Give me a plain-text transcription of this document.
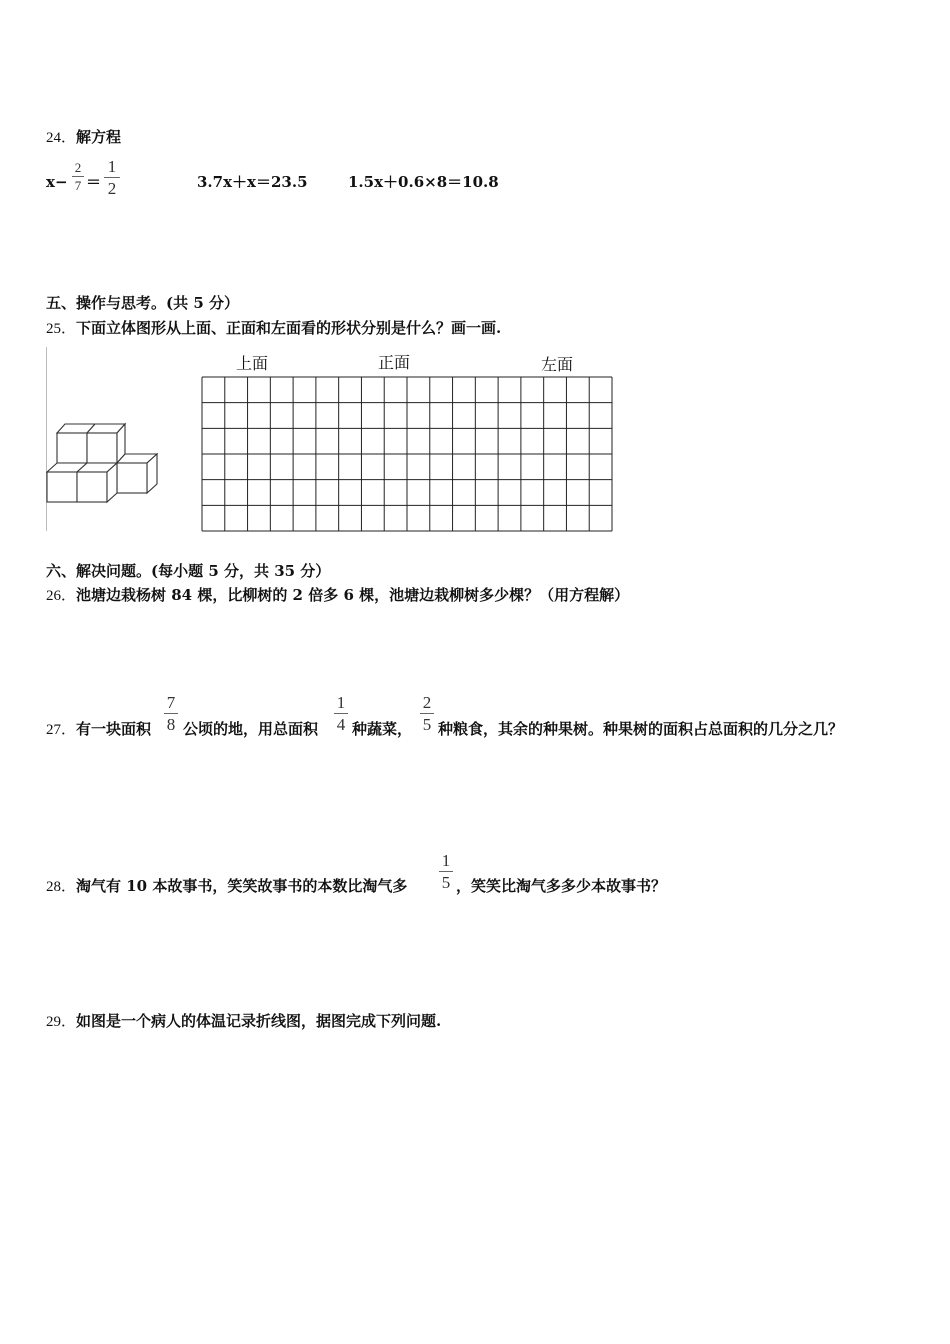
24．解方程
x−
2
7 ＝
1
2	3.7x＋x＝23.5	1.5x＋0.6×8＝10.8
五、操作与思考。(共 5 分）
25．下面立体图形从上面、正面和左面看的形状分别是什么？画一画.
上面	正面	左面
六、解决问题。(每小题 5 分，共 35 分）
26．池塘边栽杨树 84 棵，比柳树的 2 倍多 6 棵，池塘边栽柳树多少棵？（用方程解）
27．有一块面积
7
8 公顷的地，用总面积
1
4 种蔬菜，
2
5 种粮食，其余的种果树。种果树的面积占总面积的几分之几？
28．淘气有 10 本故事书，笑笑故事书的本数比淘气多
1
5 ，笑笑比淘气多多少本故事书？
29．如图是一个病人的体温记录折线图，据图完成下列问题.
